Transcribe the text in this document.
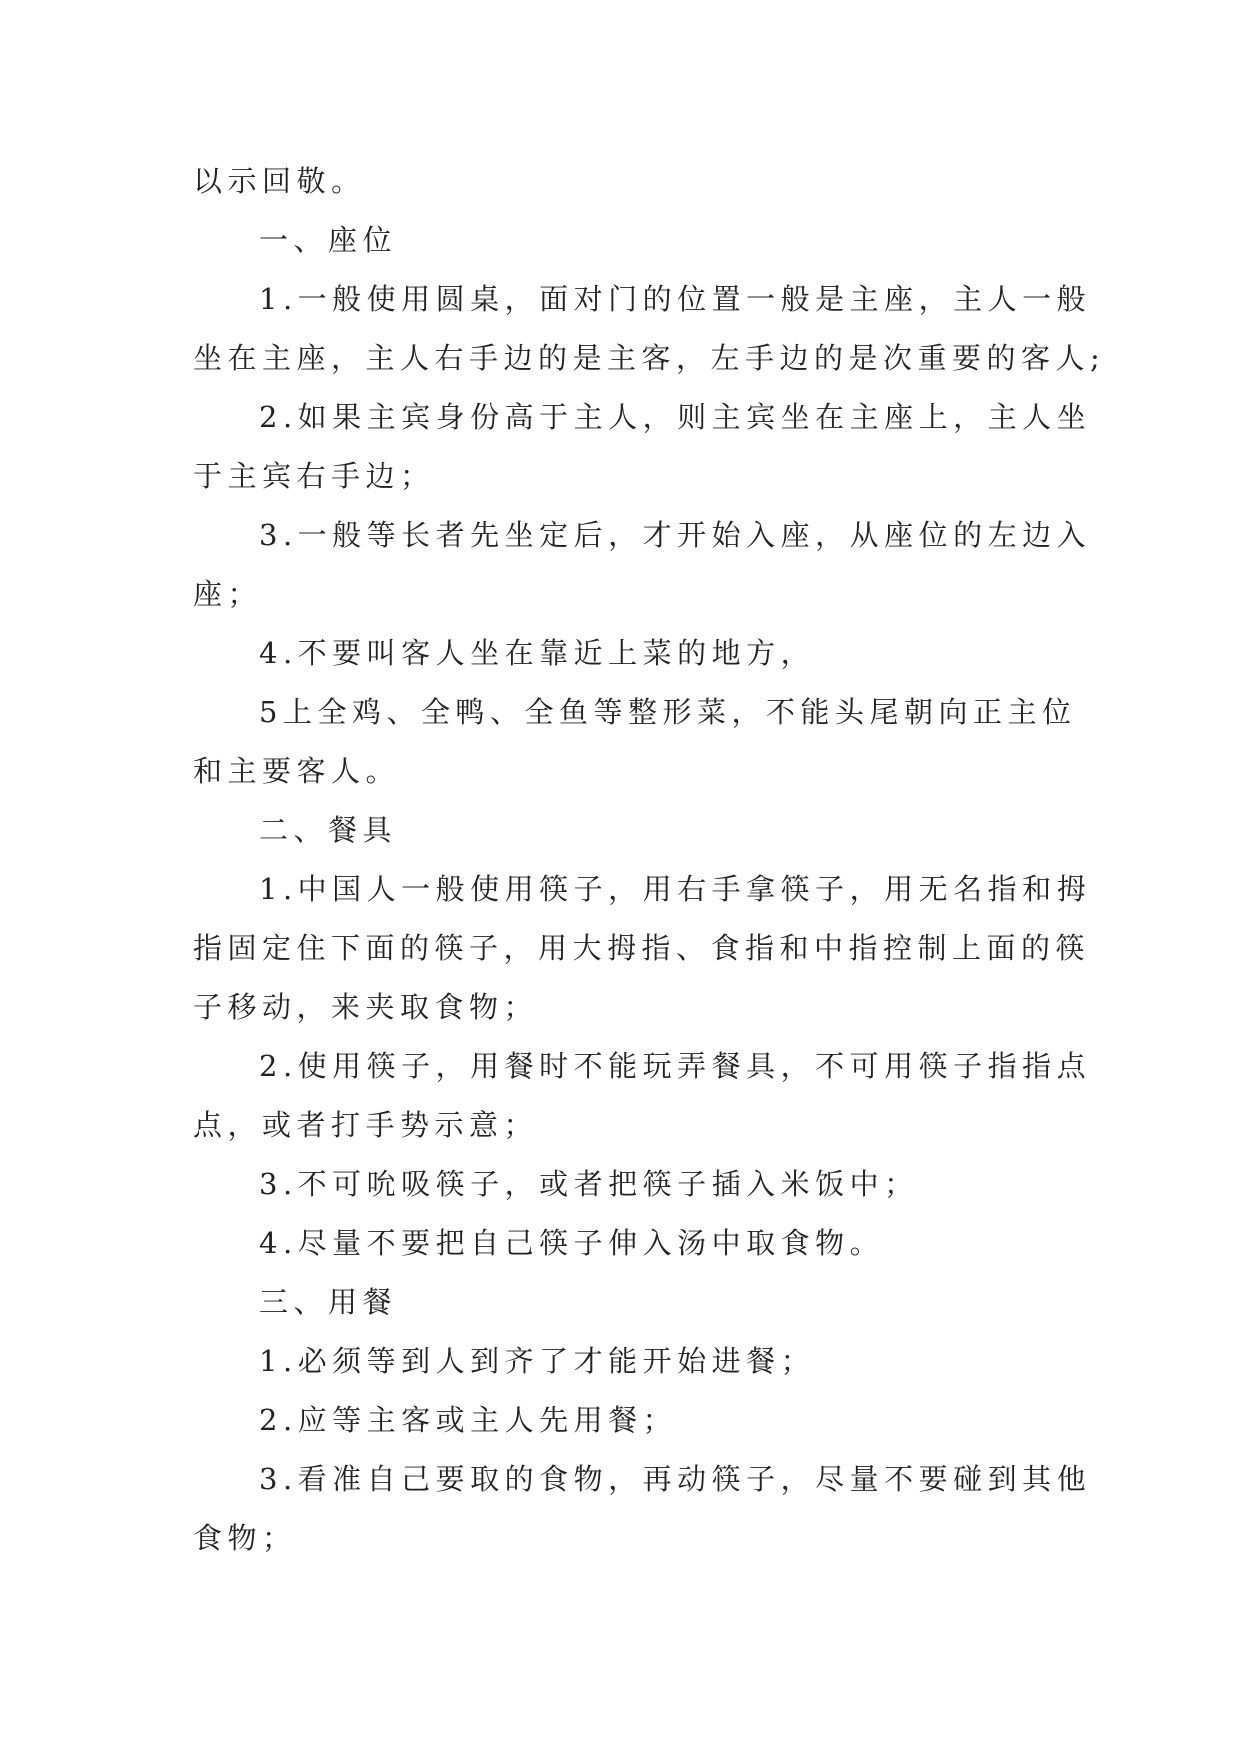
以示回敬。
一、座位
1.一般使用圆桌，面对门的位置一般是主座，主人一般
坐在主座，主人右手边的是主客，左手边的是次重要的客人;
2.如果主宾身份高于主人，则主宾坐在主座上，主人坐
于主宾右手边；
3.一般等长者先坐定后，才开始入座，从座位的左边入
座；
4.不要叫客人坐在靠近上菜的地方，
5上全鸡、全鸭、全鱼等整形菜，不能头尾朝向正主位
和主要客人。
二、餐具
1.中国人一般使用筷子，用右手拿筷子，用无名指和拇
指固定住下面的筷子，用大拇指、食指和中指控制上面的筷
子移动，来夹取食物；
2.使用筷子，用餐时不能玩弄餐具，不可用筷子指指点
点，或者打手势示意；
3.不可吮吸筷子，或者把筷子插入米饭中；
4.尽量不要把自己筷子伸入汤中取食物。
三、用餐
1.必须等到人到齐了才能开始进餐；
2.应等主客或主人先用餐；
3.看准自己要取的食物，再动筷子，尽量不要碰到其他
食物；
